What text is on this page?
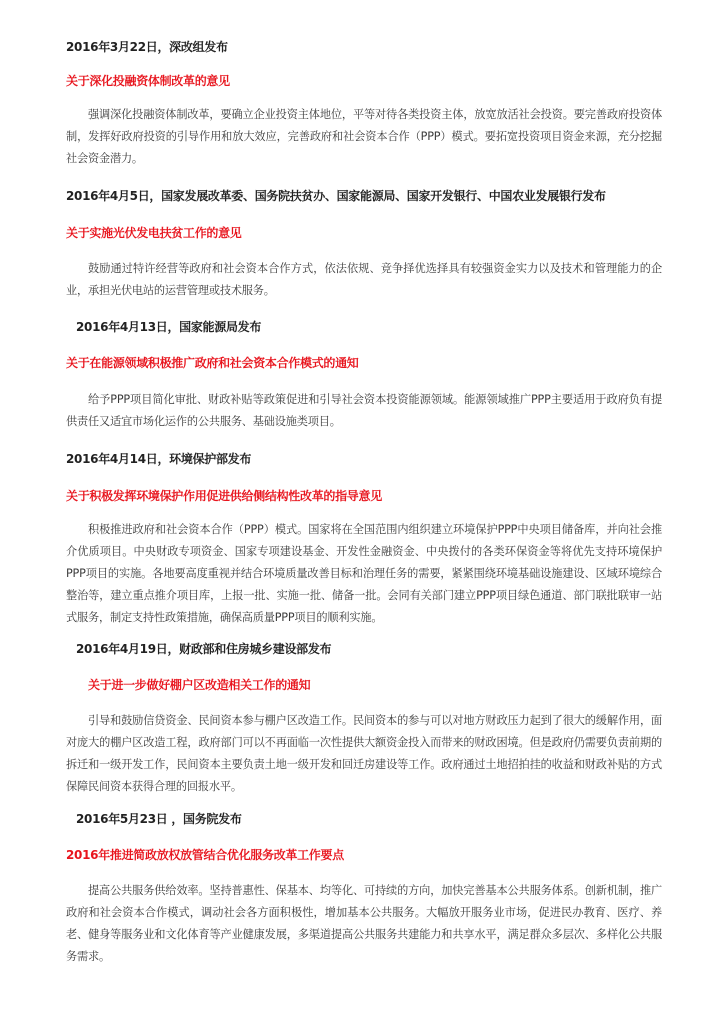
2016年3月22日，深改组发布
关于深化投融资体制改革的意见
强调深化投融资体制改革，要确立企业投资主体地位，平等对待各类投资主体，放宽放活社会投资。要完善政府投资体制，发挥好政府投资的引导作用和放大效应，完善政府和社会资本合作（PPP）模式。要拓宽投资项目资金来源，充分挖掘社会资金潜力。
2016年4月5日，国家发展改革委、国务院扶贫办、国家能源局、国家开发银行、中国农业发展银行发布
关于实施光伏发电扶贫工作的意见
鼓励通过特许经营等政府和社会资本合作方式，依法依规、竞争择优选择具有较强资金实力以及技术和管理能力的企业，承担光伏电站的运营管理或技术服务。
2016年4月13日，国家能源局发布
关于在能源领域积极推广政府和社会资本合作模式的通知
给予PPP项目简化审批、财政补贴等政策促进和引导社会资本投资能源领域。能源领域推广PPP主要适用于政府负有提供责任又适宜市场化运作的公共服务、基础设施类项目。
2016年4月14日，环境保护部发布
关于积极发挥环境保护作用促进供给侧结构性改革的指导意见
积极推进政府和社会资本合作（PPP）模式。国家将在全国范围内组织建立环境保护PPP中央项目储备库，并向社会推介优质项目。中央财政专项资金、国家专项建设基金、开发性金融资金、中央拨付的各类环保资金等将优先支持环境保护PPP项目的实施。各地要高度重视并结合环境质量改善目标和治理任务的需要，紧紧围绕环境基础设施建设、区域环境综合整治等，建立重点推介项目库，上报一批、实施一批、储备一批。会同有关部门建立PPP项目绿色通道、部门联批联审一站式服务，制定支持性政策措施，确保高质量PPP项目的顺利实施。
2016年4月19日，财政部和住房城乡建设部发布
关于进一步做好棚户区改造相关工作的通知
引导和鼓励信贷资金、民间资本参与棚户区改造工作。民间资本的参与可以对地方财政压力起到了很大的缓解作用，面对庞大的棚户区改造工程，政府部门可以不再面临一次性提供大额资金投入而带来的财政困境。但是政府仍需要负责前期的拆迁和一级开发工作，民间资本主要负责土地一级开发和回迁房建设等工作。政府通过土地招拍挂的收益和财政补贴的方式保障民间资本获得合理的回报水平。
2016年5月23日 ，国务院发布
2016年推进简政放权放管结合优化服务改革工作要点
提高公共服务供给效率。坚持普惠性、保基本、均等化、可持续的方向，加快完善基本公共服务体系。创新机制，推广政府和社会资本合作模式，调动社会各方面积极性，增加基本公共服务。大幅放开服务业市场，促进民办教育、医疗、养老、健身等服务业和文化体育等产业健康发展，多渠道提高公共服务共建能力和共享水平，满足群众多层次、多样化公共服务需求。
